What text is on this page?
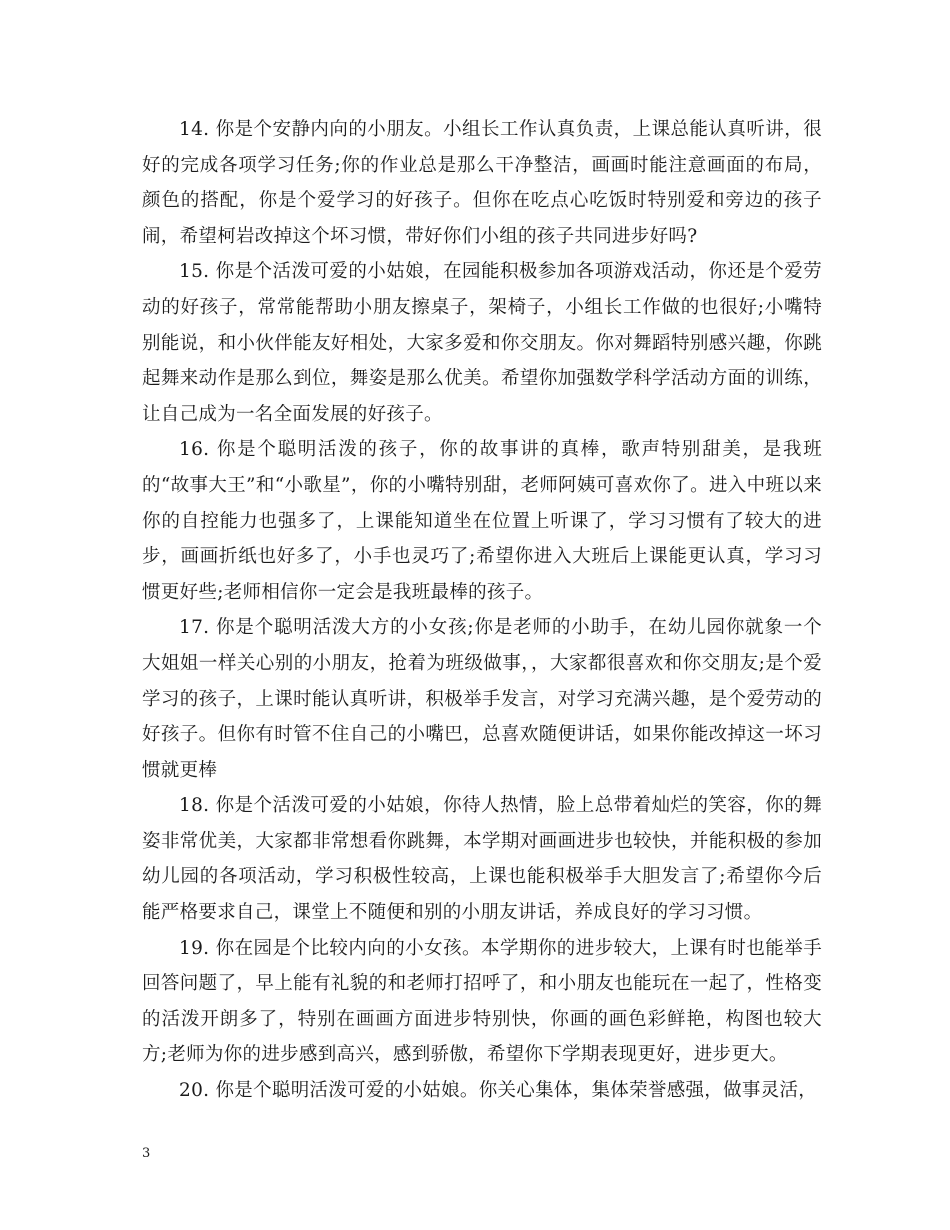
14. 你是个安静内向的小朋友。小组长工作认真负责，上课总能认真听讲，很好的完成各项学习任务;你的作业总是那么干净整洁，画画时能注意画面的布局，颜色的搭配，你是个爱学习的好孩子。但你在吃点心吃饭时特别爱和旁边的孩子闹，希望柯岩改掉这个坏习惯，带好你们小组的孩子共同进步好吗?

15. 你是个活泼可爱的小姑娘，在园能积极参加各项游戏活动，你还是个爱劳动的好孩子，常常能帮助小朋友擦桌子，架椅子，小组长工作做的也很好;小嘴特别能说，和小伙伴能友好相处，大家多爱和你交朋友。你对舞蹈特别感兴趣，你跳起舞来动作是那么到位，舞姿是那么优美。希望你加强数学科学活动方面的训练，让自己成为一名全面发展的好孩子。

16. 你是个聪明活泼的孩子，你的故事讲的真棒，歌声特别甜美，是我班的“故事大王”和“小歌星”，你的小嘴特别甜，老师阿姨可喜欢你了。进入中班以来你的自控能力也强多了，上课能知道坐在位置上听课了，学习习惯有了较大的进步，画画折纸也好多了，小手也灵巧了;希望你进入大班后上课能更认真，学习习惯更好些;老师相信你一定会是我班最棒的孩子。

17. 你是个聪明活泼大方的小女孩;你是老师的小助手，在幼儿园你就象一个大姐姐一样关心别的小朋友，抢着为班级做事，，大家都很喜欢和你交朋友;是个爱学习的孩子，上课时能认真听讲，积极举手发言，对学习充满兴趣，是个爱劳动的好孩子。但你有时管不住自己的小嘴巴，总喜欢随便讲话，如果你能改掉这一坏习惯就更棒

18. 你是个活泼可爱的小姑娘，你待人热情，脸上总带着灿烂的笑容，你的舞姿非常优美，大家都非常想看你跳舞，本学期对画画进步也较快，并能积极的参加幼儿园的各项活动，学习积极性较高，上课也能积极举手大胆发言了;希望你今后能严格要求自己，课堂上不随便和别的小朋友讲话，养成良好的学习习惯。

19. 你在园是个比较内向的小女孩。本学期你的进步较大，上课有时也能举手回答问题了，早上能有礼貌的和老师打招呼了，和小朋友也能玩在一起了，性格变的活泼开朗多了，特别在画画方面进步特别快，你画的画色彩鲜艳，构图也较大方;老师为你的进步感到高兴，感到骄傲，希望你下学期表现更好，进步更大。

20. 你是个聪明活泼可爱的小姑娘。你关心集体，集体荣誉感强，做事灵活，

3
